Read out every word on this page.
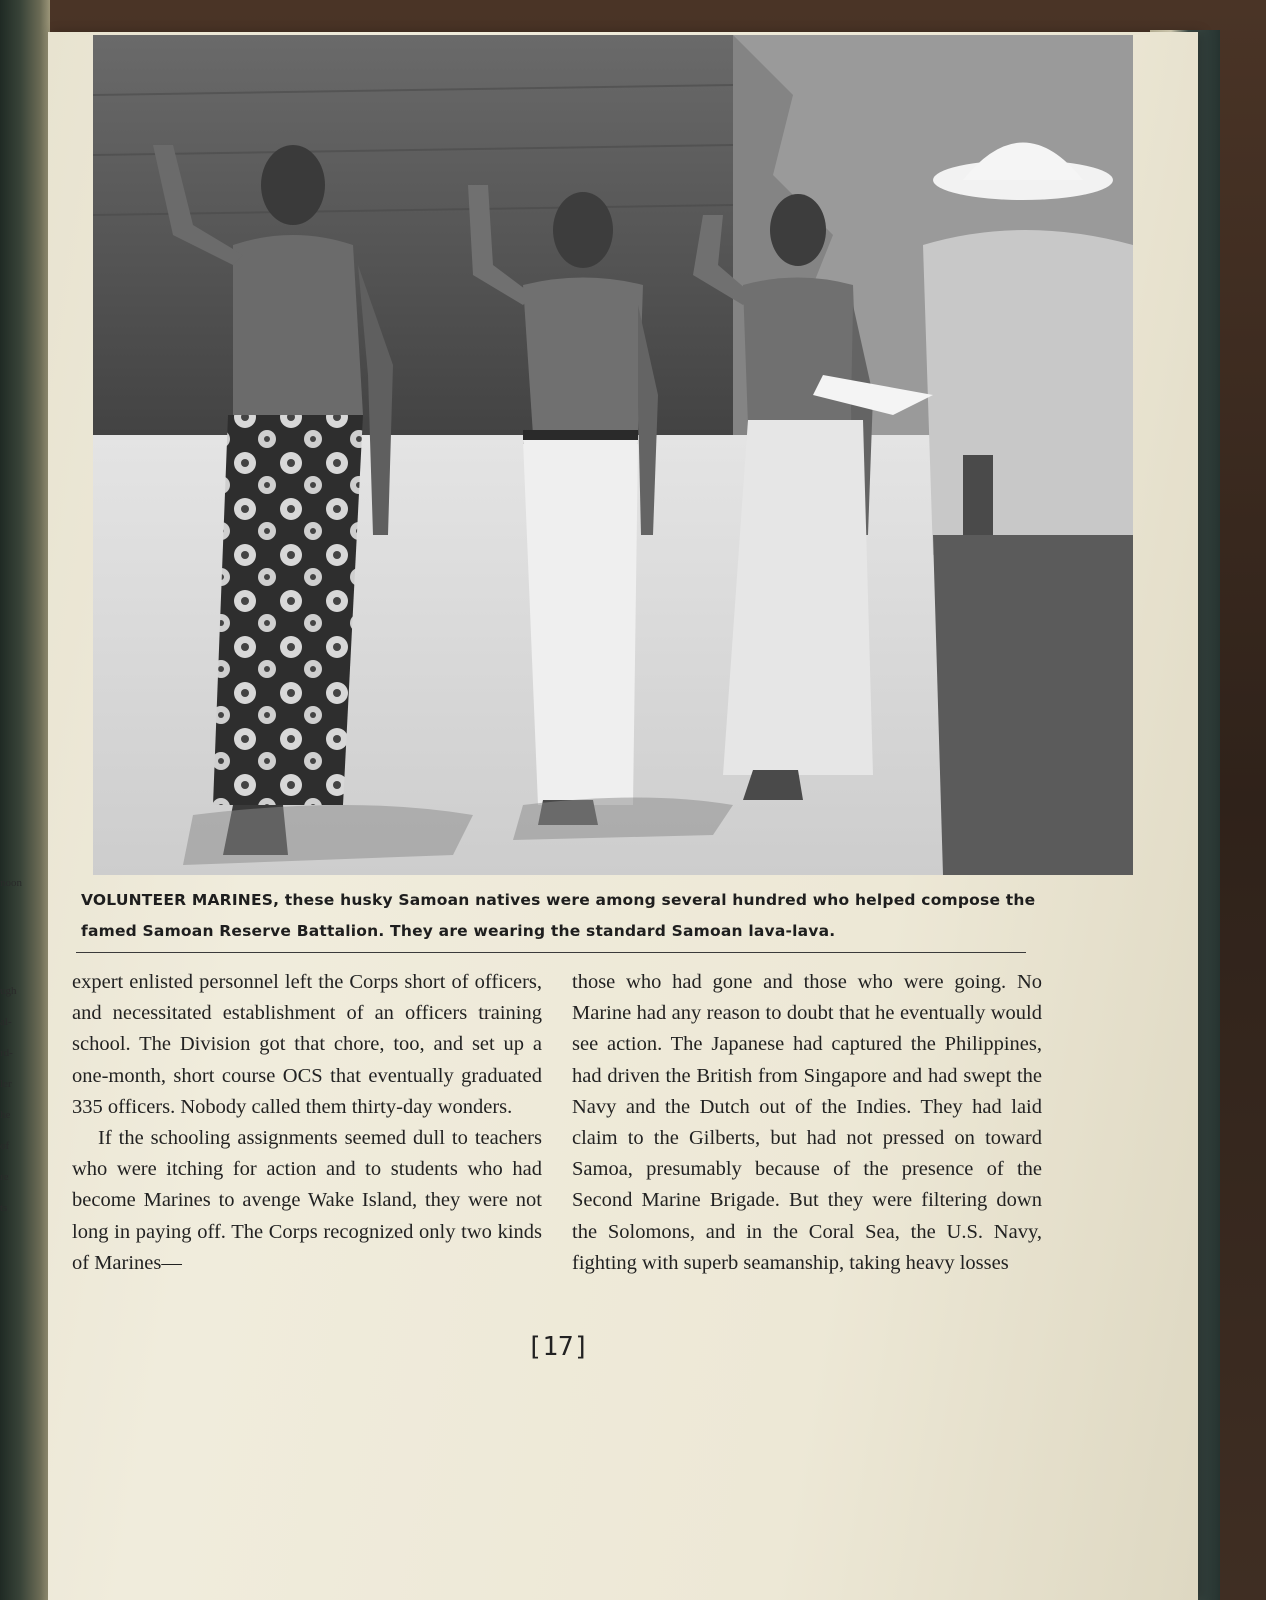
noon
ugh
al-
rd-
ler
he
of
re
ts
VOLUNTEER MARINES, these husky Samoan natives were among several hundred who helped compose the famed Samoan Reserve Battalion. They are wearing the standard Samoan lava-lava.

expert enlisted personnel left the Corps short of officers, and necessitated establishment of an officers training school. The Division got that chore, too, and set up a one-month, short course OCS that eventually graduated 335 officers. Nobody called them thirty-day wonders.

If the schooling assignments seemed dull to teachers who were itching for action and to students who had become Marines to avenge Wake Island, they were not long in paying off. The Corps recognized only two kinds of Marines—

those who had gone and those who were going. No Marine had any reason to doubt that he eventually would see action. The Japanese had captured the Philippines, had driven the British from Singapore and had swept the Navy and the Dutch out of the Indies. They had laid claim to the Gilberts, but had not pressed on toward Samoa, presumably because of the presence of the Second Marine Brigade. But they were filtering down the Solomons, and in the Coral Sea, the U.S. Navy, fighting with superb seamanship, taking heavy losses

[17]
